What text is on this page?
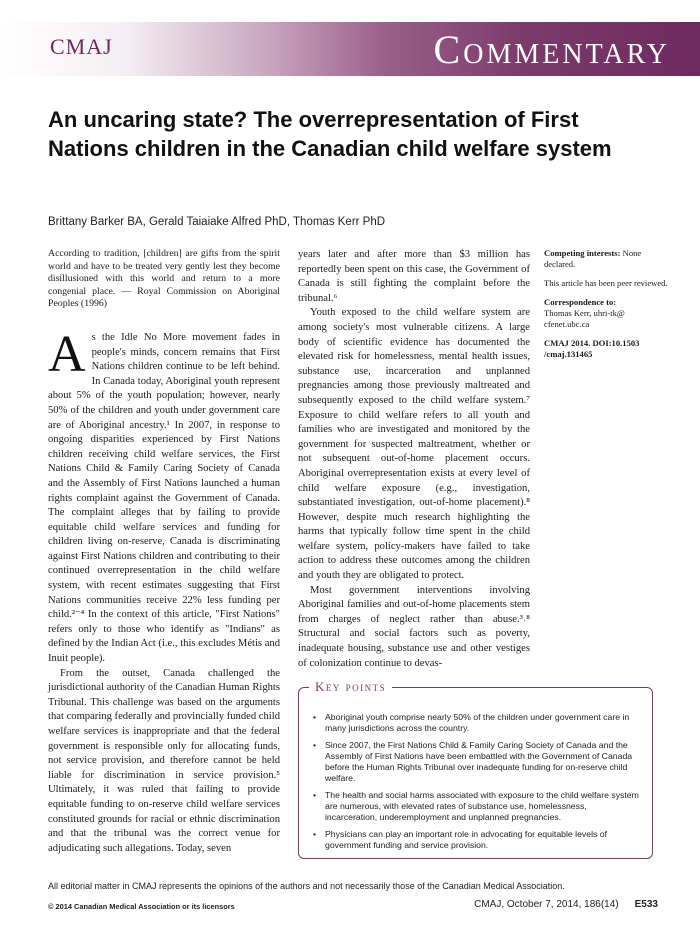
CMAJ	Commentary
An uncaring state? The overrepresentation of First Nations children in the Canadian child welfare system
Brittany Barker BA, Gerald Taiaiake Alfred PhD, Thomas Kerr PhD

According to tradition, [children] are gifts from the spirit world and have to be treated very gently lest they become disillusioned with this world and return to a more congenial place. — Royal Commission on Aboriginal Peoples (1996)

As the Idle No More movement fades in people's minds, concern remains that First Nations children continue to be left behind. In Canada today, Aboriginal youth represent about 5% of the youth population; however, nearly 50% of the children and youth under government care are of Aboriginal ancestry.¹ In 2007, in response to ongoing disparities experienced by First Nations children receiving child welfare services, the First Nations Child & Family Caring Society of Canada and the Assembly of First Nations launched a human rights complaint against the Government of Canada. The complaint alleges that by failing to provide equitable child welfare services and funding for children living on-reserve, Canada is discriminating against First Nations children and contributing to their continued overrepresentation in the child welfare system, with recent estimates suggesting that First Nations communities receive 22% less funding per child.²⁻⁴ In the context of this article, "First Nations" refers only to those who identify as "Indians" as defined by the Indian Act (i.e., this excludes Métis and Inuit people).

From the outset, Canada challenged the jurisdictional authority of the Canadian Human Rights Tribunal. This challenge was based on the arguments that comparing federally and provincially funded child welfare services is inappropriate and that the federal government is responsible only for allocating funds, not service provision, and therefore cannot be held liable for discrimination in service provision.⁵ Ultimately, it was ruled that failing to provide equitable funding to on-reserve child welfare services constituted grounds for racial or ethnic discrimination and that the tribunal was the correct venue for adjudicating such allegations. Today, seven

years later and after more than $3 million has reportedly been spent on this case, the Government of Canada is still fighting the complaint before the tribunal.⁶

Youth exposed to the child welfare system are among society's most vulnerable citizens. A large body of scientific evidence has documented the elevated risk for homelessness, mental health issues, substance use, incarceration and unplanned pregnancies among those previously maltreated and subsequently exposed to the child welfare system.⁷ Exposure to child welfare refers to all youth and families who are investigated and monitored by the government for suspected maltreatment, whether or not subsequent out-of-home placement occurs. Aboriginal overrepresentation exists at every level of child welfare exposure (e.g., investigation, substantiated investigation, out-of-home placement).⁸ However, despite much research highlighting the harms that typically follow time spent in the child welfare system, policy-makers have failed to take action to address these outcomes among the children and youth they are obligated to protect.

Most government interventions involving Aboriginal families and out-of-home placements stem from charges of neglect rather than abuse.³˒⁸ Structural and social factors such as poverty, inadequate housing, substance use and other vestiges of colonization continue to devas-

Competing interests: None declared.

This article has been peer reviewed.

Correspondence to:
Thomas Kerr, uhri-tk@
cfenet.ubc.ca

CMAJ 2014. DOI:10.1503 /cmaj.131465

Key points
• Aboriginal youth comprise nearly 50% of the children under government care in many jurisdictions across the country.
• Since 2007, the First Nations Child & Family Caring Society of Canada and the Assembly of First Nations have been embattled with the Government of Canada before the Human Rights Tribunal over inadequate funding for on-reserve child welfare.
• The health and social harms associated with exposure to the child welfare system are numerous, with elevated rates of substance use, homelessness, incarceration, underemployment and unplanned pregnancies.
• Physicians can play an important role in advocating for equitable levels of government funding and service provision.
All editorial matter in CMAJ represents the opinions of the authors and not necessarily those of the Canadian Medical Association.
© 2014 Canadian Medical Association or its licensors	CMAJ, October 7, 2014, 186(14) E533
